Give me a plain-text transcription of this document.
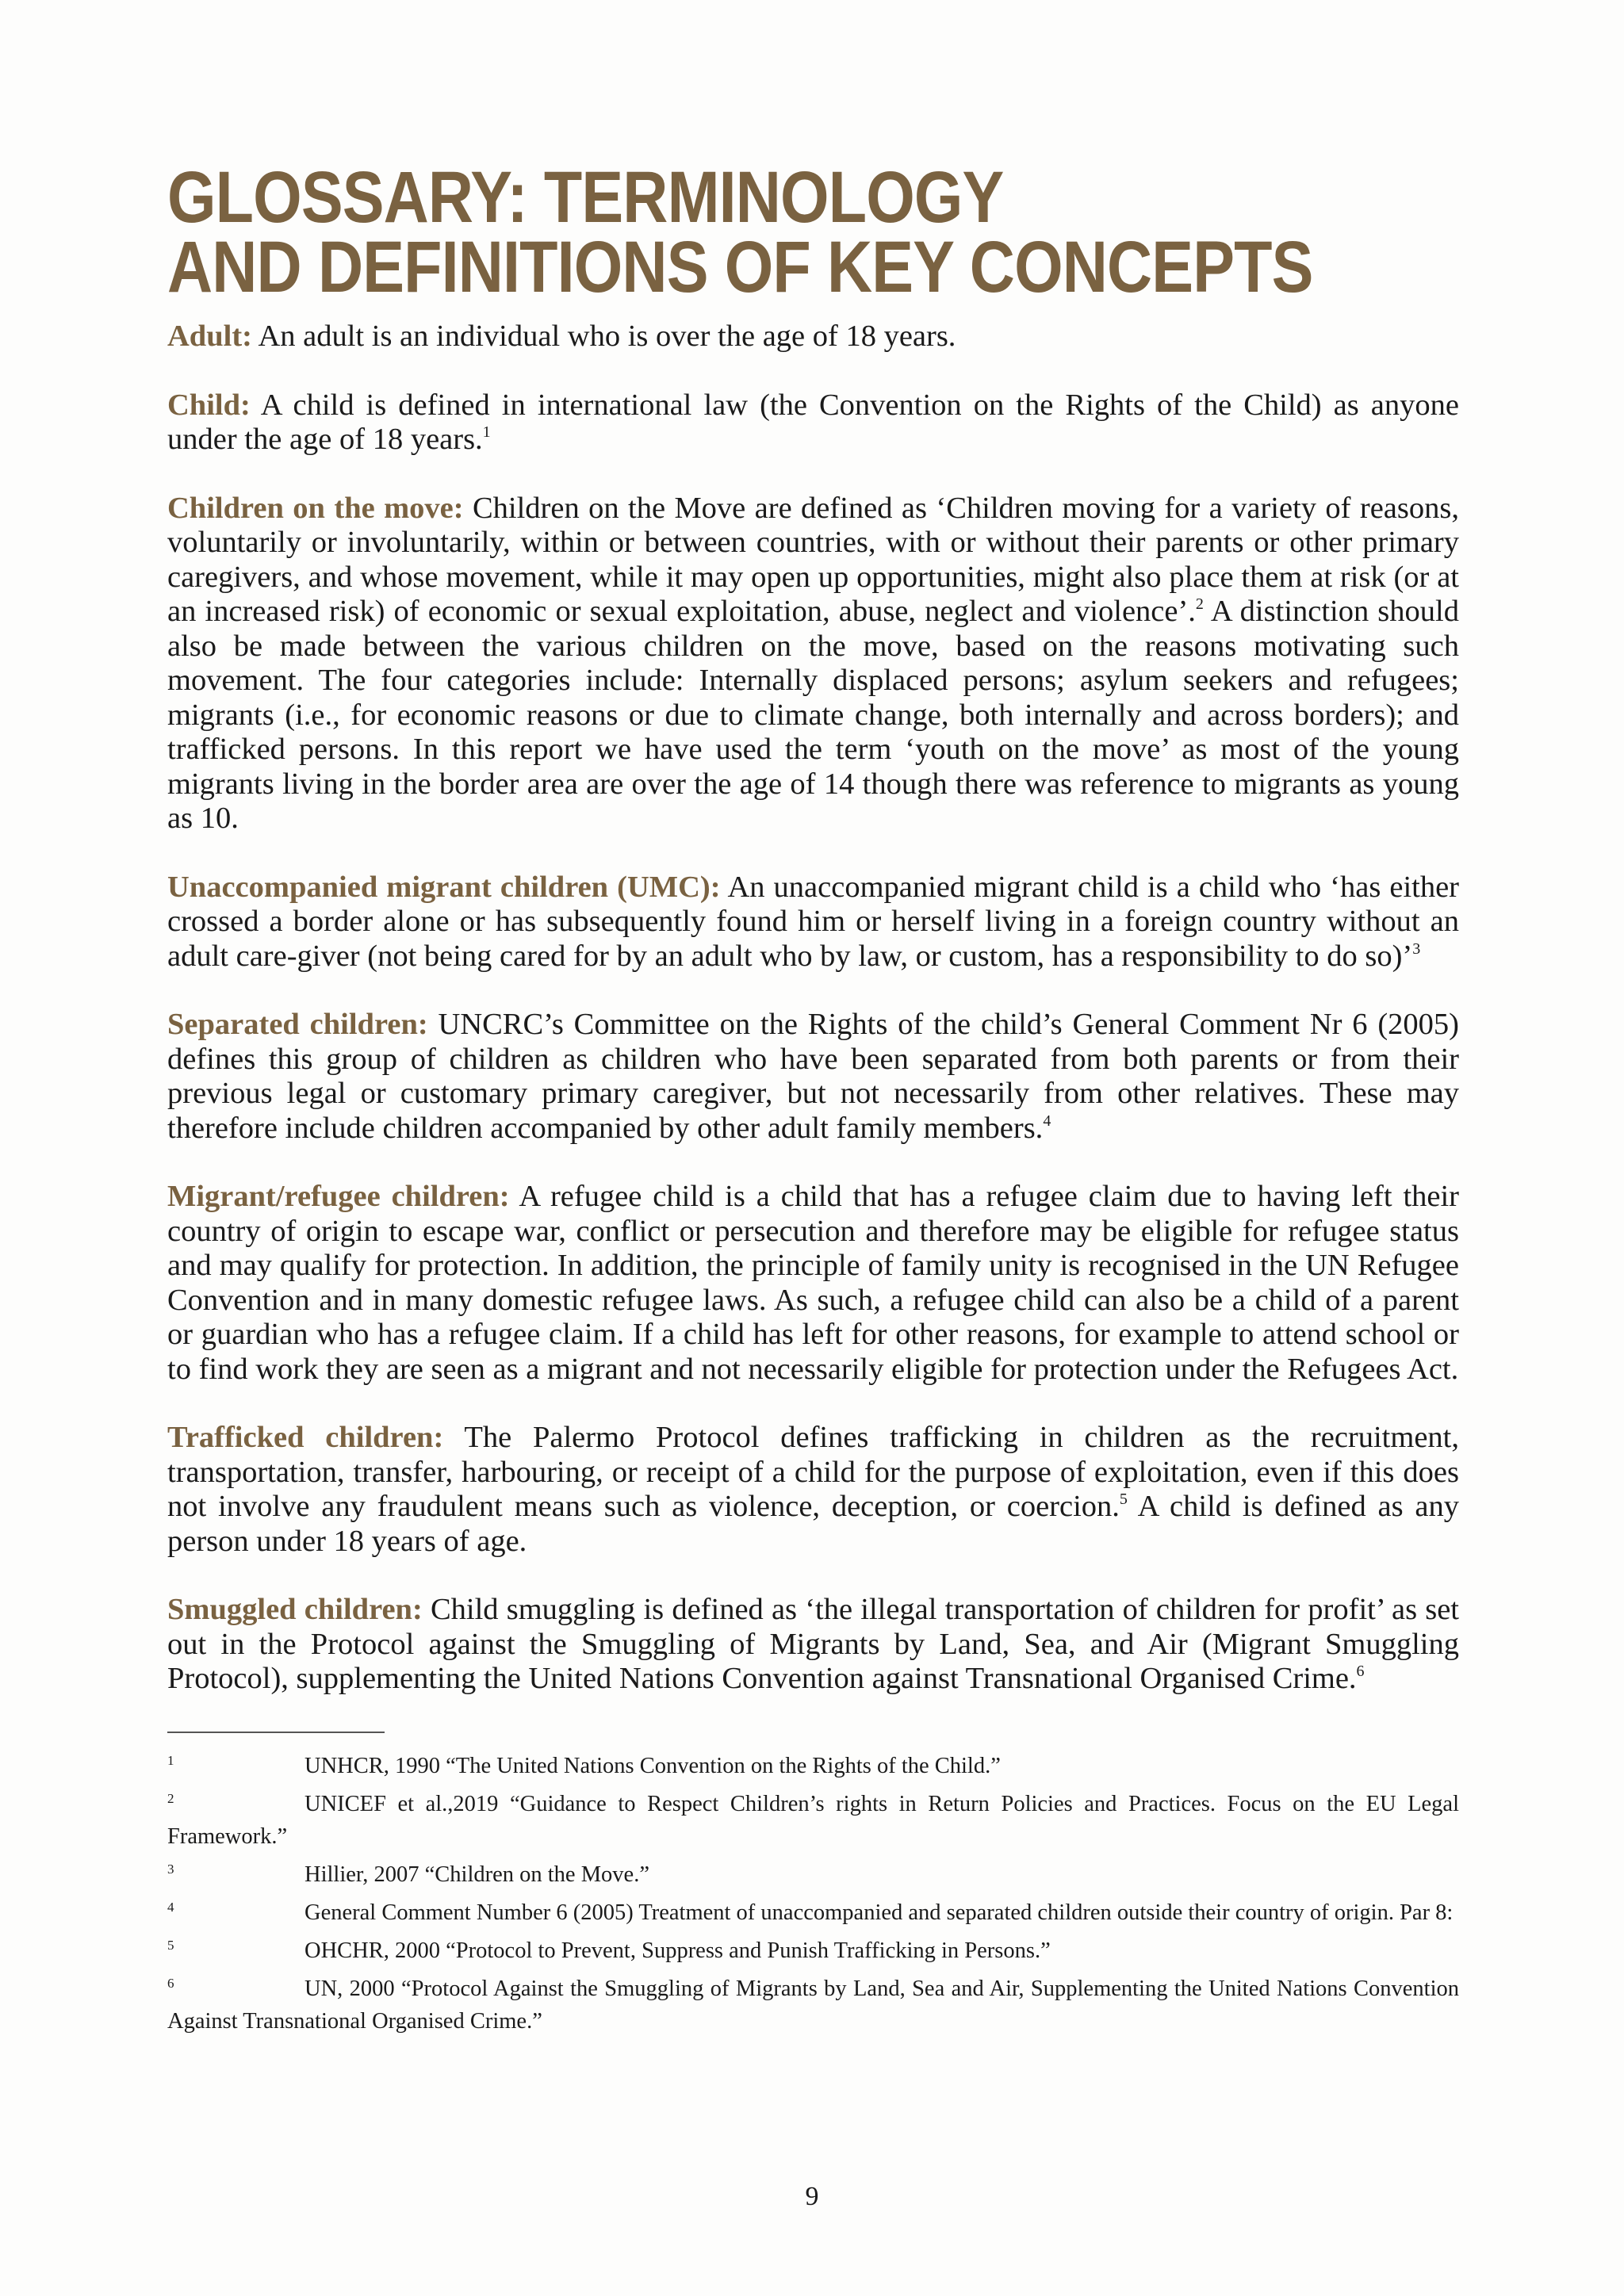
GLOSSARY: TERMINOLOGY
AND DEFINITIONS OF KEY CONCEPTS

Adult: An adult is an individual who is over the age of 18 years.

Child: A child is defined in international law (the Convention on the Rights of the Child) as anyone under the age of 18 years.$^1$

Children on the move: Children on the Move are defined as ‘Children moving for a variety of reasons, voluntarily or involuntarily, within or between countries, with or without their parents or other primary caregivers, and whose movement, while it may open up opportunities, might also place them at risk (or at an increased risk) of economic or sexual exploitation, abuse, neglect and violence’.$^2$ A distinction should also be made between the various children on the move, based on the reasons motivating such movement. The four categories include: Internally displaced persons; asylum seekers and refugees; migrants (i.e., for economic reasons or due to climate change, both internally and across borders); and trafficked persons. In this report we have used the term ‘youth on the move’ as most of the young migrants living in the border area are over the age of 14 though there was reference to migrants as young as 10.

Unaccompanied migrant children (UMC): An unaccompanied migrant child is a child who ‘has either crossed a border alone or has subsequently found him or herself living in a foreign country without an adult care-giver (not being cared for by an adult who by law, or custom, has a responsibility to do so)’$^3$

Separated children: UNCRC’s Committee on the Rights of the child’s General Comment Nr 6 (2005) defines this group of children as children who have been separated from both parents or from their previous legal or customary primary caregiver, but not necessarily from other relatives. These may therefore include children accompanied by other adult family members.$^4$

Migrant/refugee children: A refugee child is a child that has a refugee claim due to having left their country of origin to escape war, conflict or persecution and therefore may be eligible for refugee status and may qualify for protection. In addition, the principle of family unity is recognised in the UN Refugee Convention and in many domestic refugee laws. As such, a refugee child can also be a child of a parent or guardian who has a refugee claim. If a child has left for other reasons, for example to attend school or to find work they are seen as a migrant and not necessarily eligible for protection under the Refugees Act.

Trafficked children: The Palermo Protocol defines trafficking in children as the recruitment, transportation, transfer, harbouring, or receipt of a child for the purpose of exploitation, even if this does not involve any fraudulent means such as violence, deception, or coercion.$^5$ A child is defined as any person under 18 years of age.

Smuggled children: Child smuggling is defined as ‘the illegal transportation of children for profit’ as set out in the Protocol against the Smuggling of Migrants by Land, Sea, and Air (Migrant Smuggling Protocol), supplementing the United Nations Convention against Transnational Organised Crime.$^6$

1	UNHCR, 1990 “The United Nations Convention on the Rights of the Child.”
2	UNICEF et al.,2019 “Guidance to Respect Children’s rights in Return Policies and Practices. Focus on the EU Legal Framework.”
3	Hillier, 2007 “Children on the Move.”
4	General Comment Number 6 (2005) Treatment of unaccompanied and separated children outside their country of origin. Par 8:
5	OHCHR, 2000 “Protocol to Prevent, Suppress and Punish Trafficking in Persons.”
6	UN, 2000 “Protocol Against the Smuggling of Migrants by Land, Sea and Air, Supplementing the United Nations Convention Against Transnational Organised Crime.”
9
